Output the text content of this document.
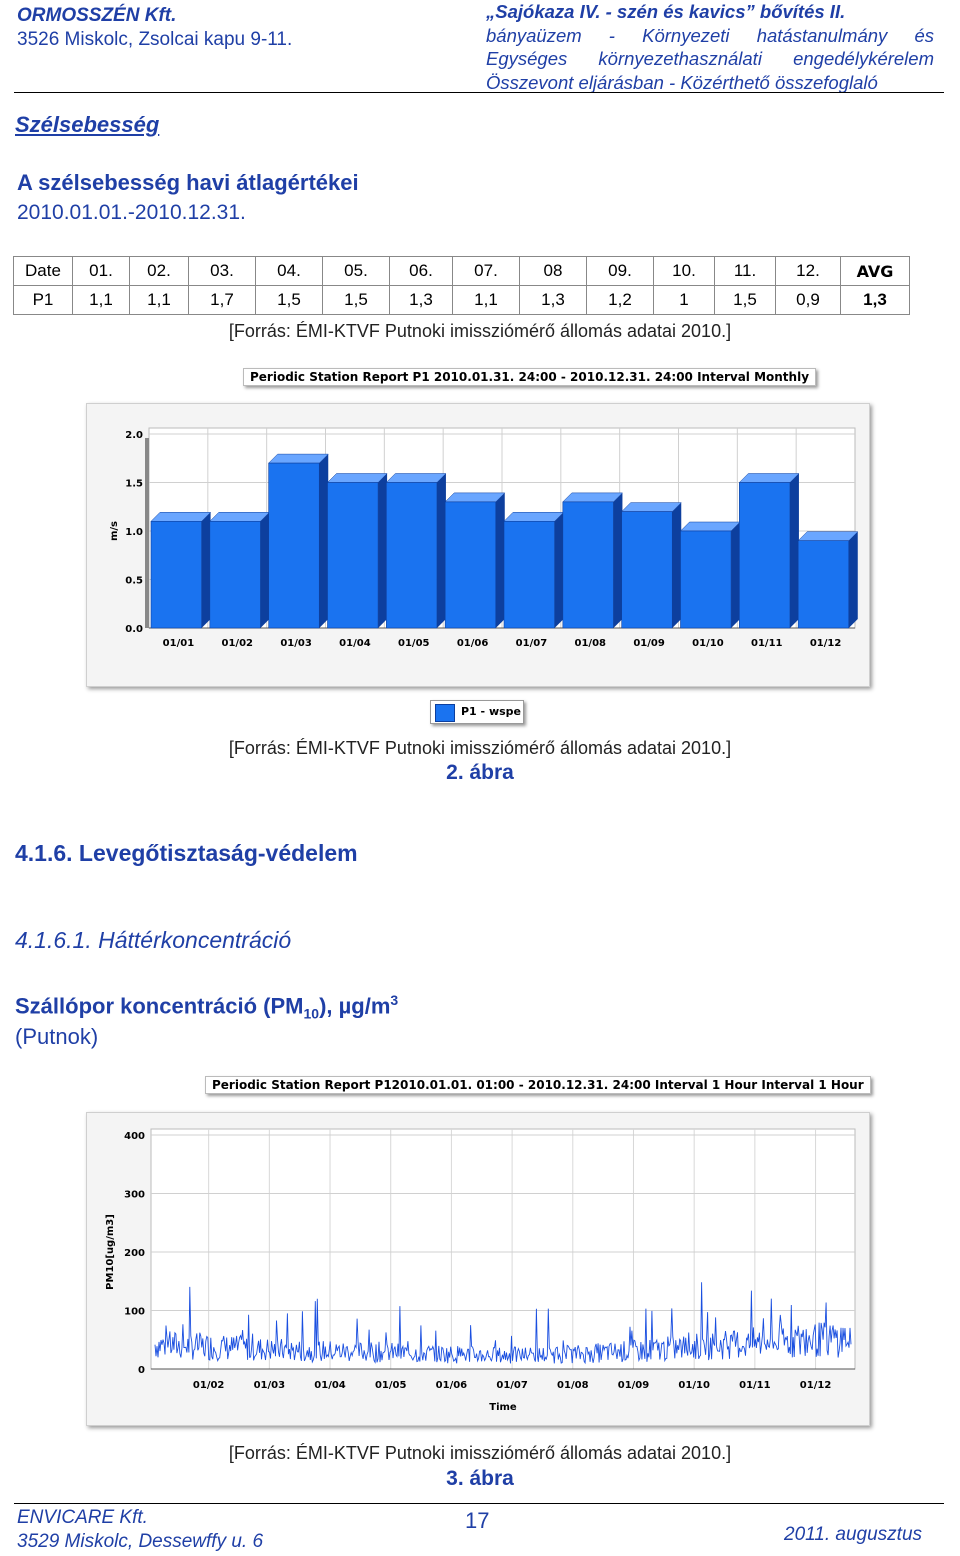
ORMOSSZÉN Kft.
3526 Miskolc, Zsolcai kapu 9-11.
„Sajókaza IV. - szén és kavics” bővítés II.
bányaüzem - Környezeti hatástanulmány és
Egységes környezethasználati engedélykérelem
Összevont eljárásban - Közérthető összefoglaló
Szélsebesség
A szélsebesség havi átlagértékei
2010.01.01.-2010.12.31.
Date	01.	02.	03.	04.	05.	06.	07.	08	09.	10.	11.	12.	AVG
P1	1,1	1,1	1,7	1,5	1,5	1,3	1,1	1,3	1,2	1	1,5	0,9	1,3
[Forrás: ÉMI-KTVF Putnoki imissziómérő állomás adatai 2010.]
Periodic Station Report P1 2010.01.31. 24:00 - 2010.12.31. 24:00 Interval Monthly
0.0
0.5
1.0
1.5
2.0
m/s
01/01	01/02	01/03	01/04	01/05	01/06	01/07	01/08	01/09	01/10	01/11	01/12
P1 - wspe
[Forrás: ÉMI-KTVF Putnoki imissziómérő állomás adatai 2010.]
2. ábra
4.1.6. Levegőtisztaság-védelem
4.1.6.1. Háttérkoncentráció
Szállópor koncentráció $(PM_{10})$, $\mu g/m^3$
(Putnok)
Periodic Station Report P12010.01.01. 01:00 - 2010.12.31. 24:00 Interval 1 Hour Interval 1 Hour
01/02	01/03	01/04	01/05	01/06	01/07	01/08	01/09	01/10	01/11	01/12
0
100
200
300
400
Time
PM10[ug/m3]
[Forrás: ÉMI-KTVF Putnoki imissziómérő állomás adatai 2010.]
3. ábra
ENVICARE Kft.
3529 Miskolc, Dessewffy u. 6
17
2011. augusztus
